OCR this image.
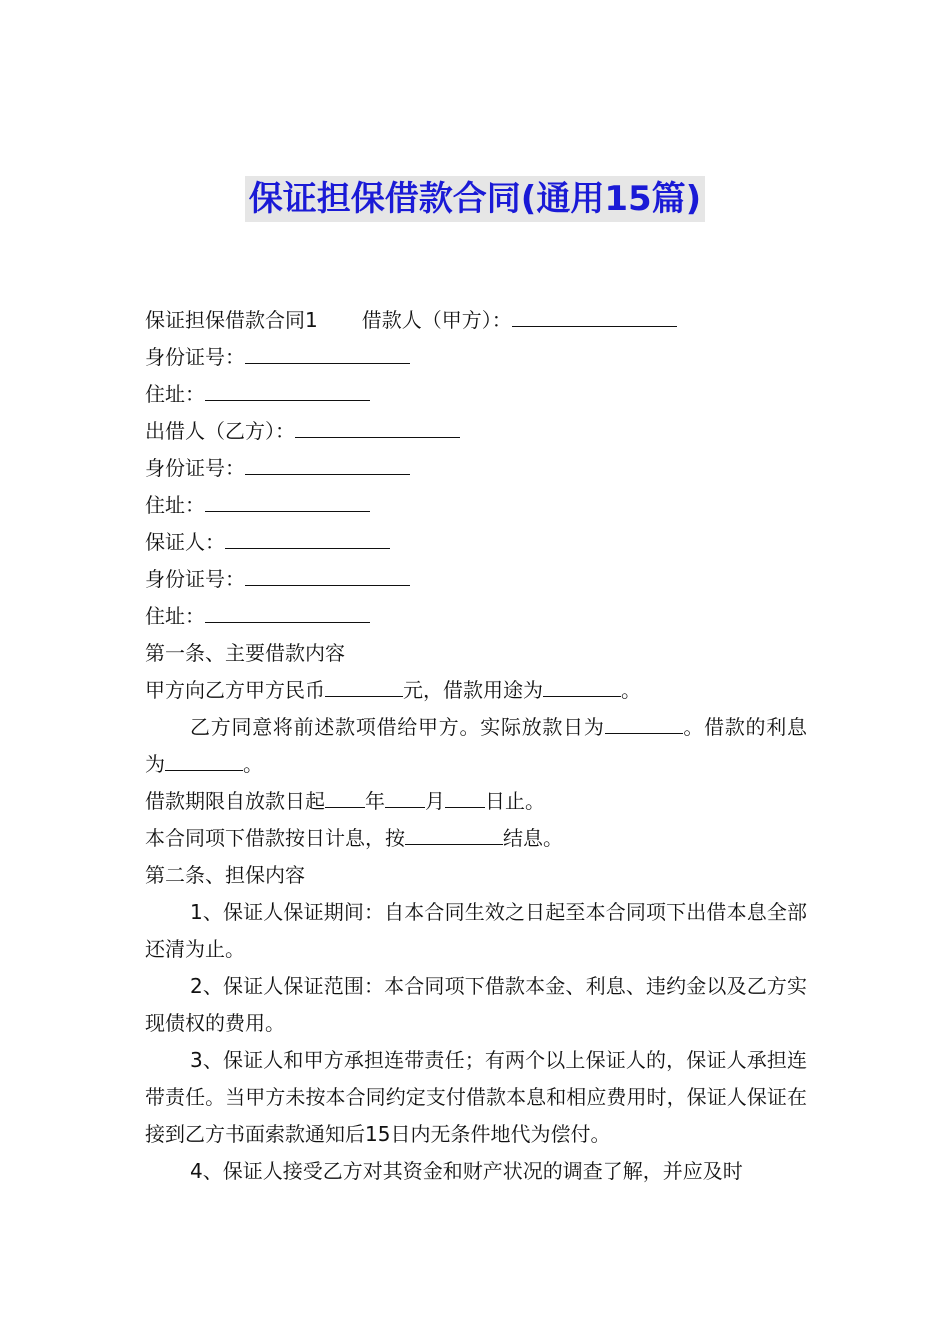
保证担保借款合同(通用15篇)

保证担保借款合同1 借款人（甲方）：

身份证号：

住址：

出借人（乙方）：

身份证号：

住址：

保证人：

身份证号：

住址：

第一条、主要借款内容

甲方向乙方甲方民币	元，借款用途为	。

乙方同意将前述款项借给甲方。实际放款日为	。借款的利息为	。

借款期限自放款日起 年 月 日止。

本合同项下借款按日计息，按	结息。

第二条、担保内容

1、保证人保证期间：自本合同生效之日起至本合同项下出借本息全部还清为止。

2、保证人保证范围：本合同项下借款本金、利息、违约金以及乙方实现债权的费用。

3、保证人和甲方承担连带责任；有两个以上保证人的，保证人承担连带责任。当甲方未按本合同约定支付借款本息和相应费用时，保证人保证在接到乙方书面索款通知后15日内无条件地代为偿付。

4、保证人接受乙方对其资金和财产状况的调查了解，并应及时
